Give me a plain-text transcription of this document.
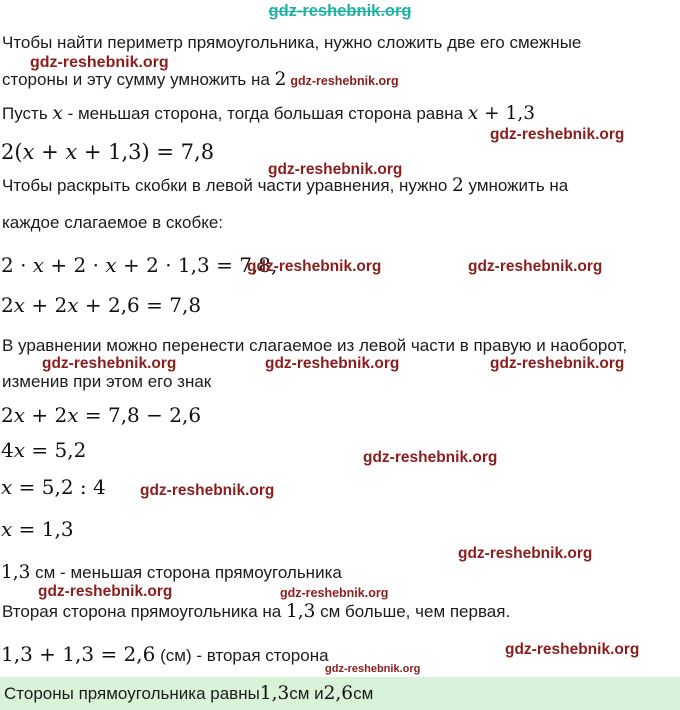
gdz-reshebnik.org
Чтобы найти периметр прямоугольника, нужно сложить две его смежные
gdz-reshebnik.org
стороны и эту сумму умножить на 2 gdz-reshebnik.org
Пусть x - меньшая сторона, тогда большая сторона равна x + 1,3
gdz-reshebnik.org
2(x + x + 1,3) = 7,8
gdz-reshebnik.org
Чтобы раскрыть скобки в левой части уравнения, нужно 2 умножить на
каждое слагаемое в скобке:
2 · x + 2 · x + 2 · 1,3 = 7,8,
gdz-reshebnik.org	gdz-reshebnik.org
2x + 2x + 2,6 = 7,8
В уравнении можно перенести слагаемое из левой части в правую и наоборот,
gdz-reshebnik.org	gdz-reshebnik.org	gdz-reshebnik.org
изменив при этом его знак
2x + 2x = 7,8 − 2,6
4x = 5,2	gdz-reshebnik.org
x = 5,2 : 4 gdz-reshebnik.org
x = 1,3
gdz-reshebnik.org
1,3 см - меньшая сторона прямоугольника
gdz-reshebnik.org	gdz-reshebnik.org
Вторая сторона прямоугольника на 1,3 см больше, чем первая.
1,3 + 1,3 = 2,6 (см) - вторая сторона	gdz-reshebnik.org
gdz-reshebnik.org
Стороны прямоугольника равны 1,3 см и 2,6 см
